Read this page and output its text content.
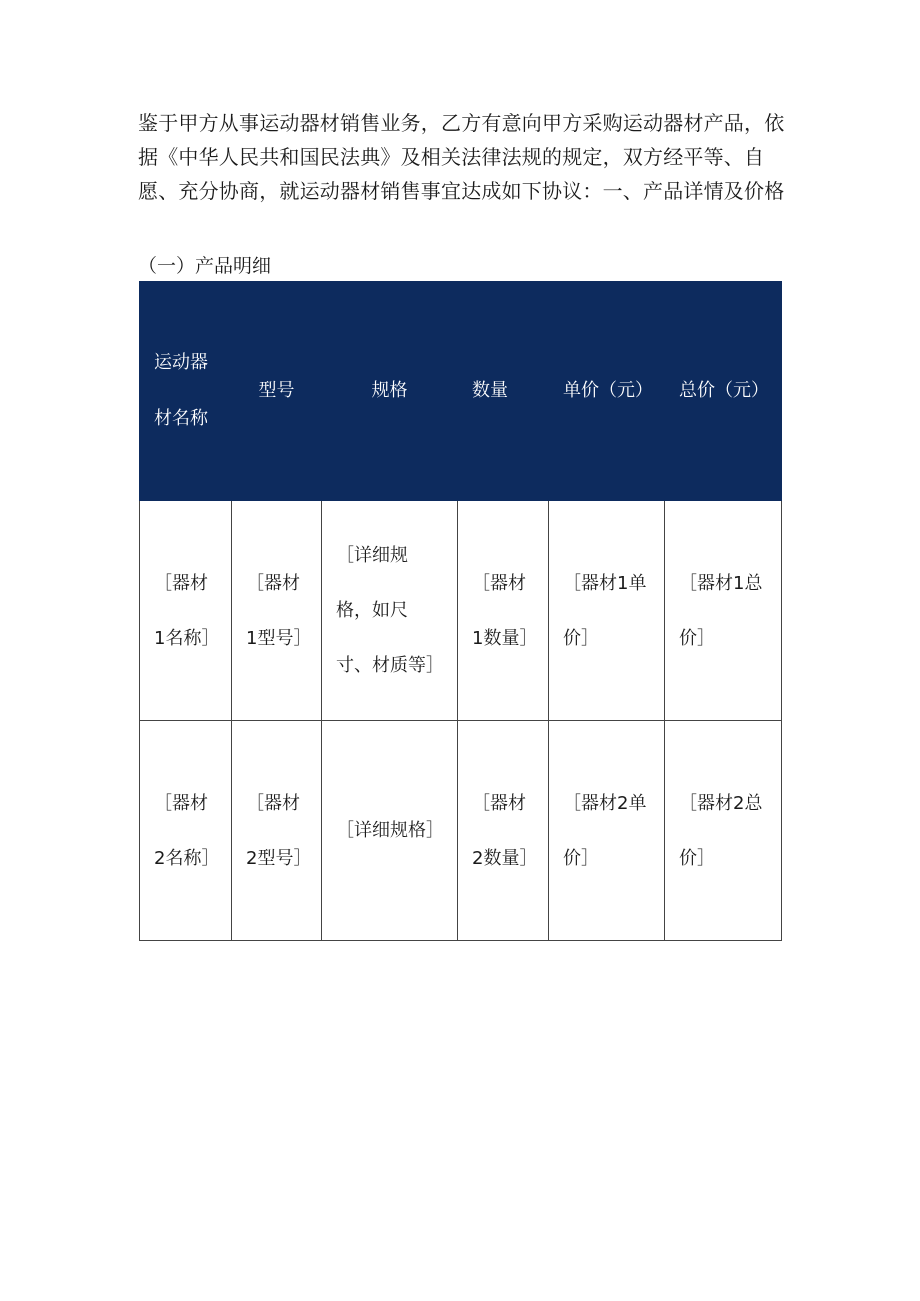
鉴于甲方从事运动器材销售业务，乙方有意向甲方采购运动器材产品，依据《中华人民共和国民法典》及相关法律法规的规定，双方经平等、自愿、充分协商，就运动器材销售事宜达成如下协议：一、产品详情及价格

（一）产品明细

运动器材名称	型号	规格	数量	单价（元）	总价（元）

［器材1名称］	［器材1型号］	［详细规格，如尺寸、材质等］	［器材1数量］	［器材1单价］	［器材1总价］

［器材2名称］	［器材2型号］	［详细规格］	［器材2数量］	［器材2单价］	［器材2总价］
